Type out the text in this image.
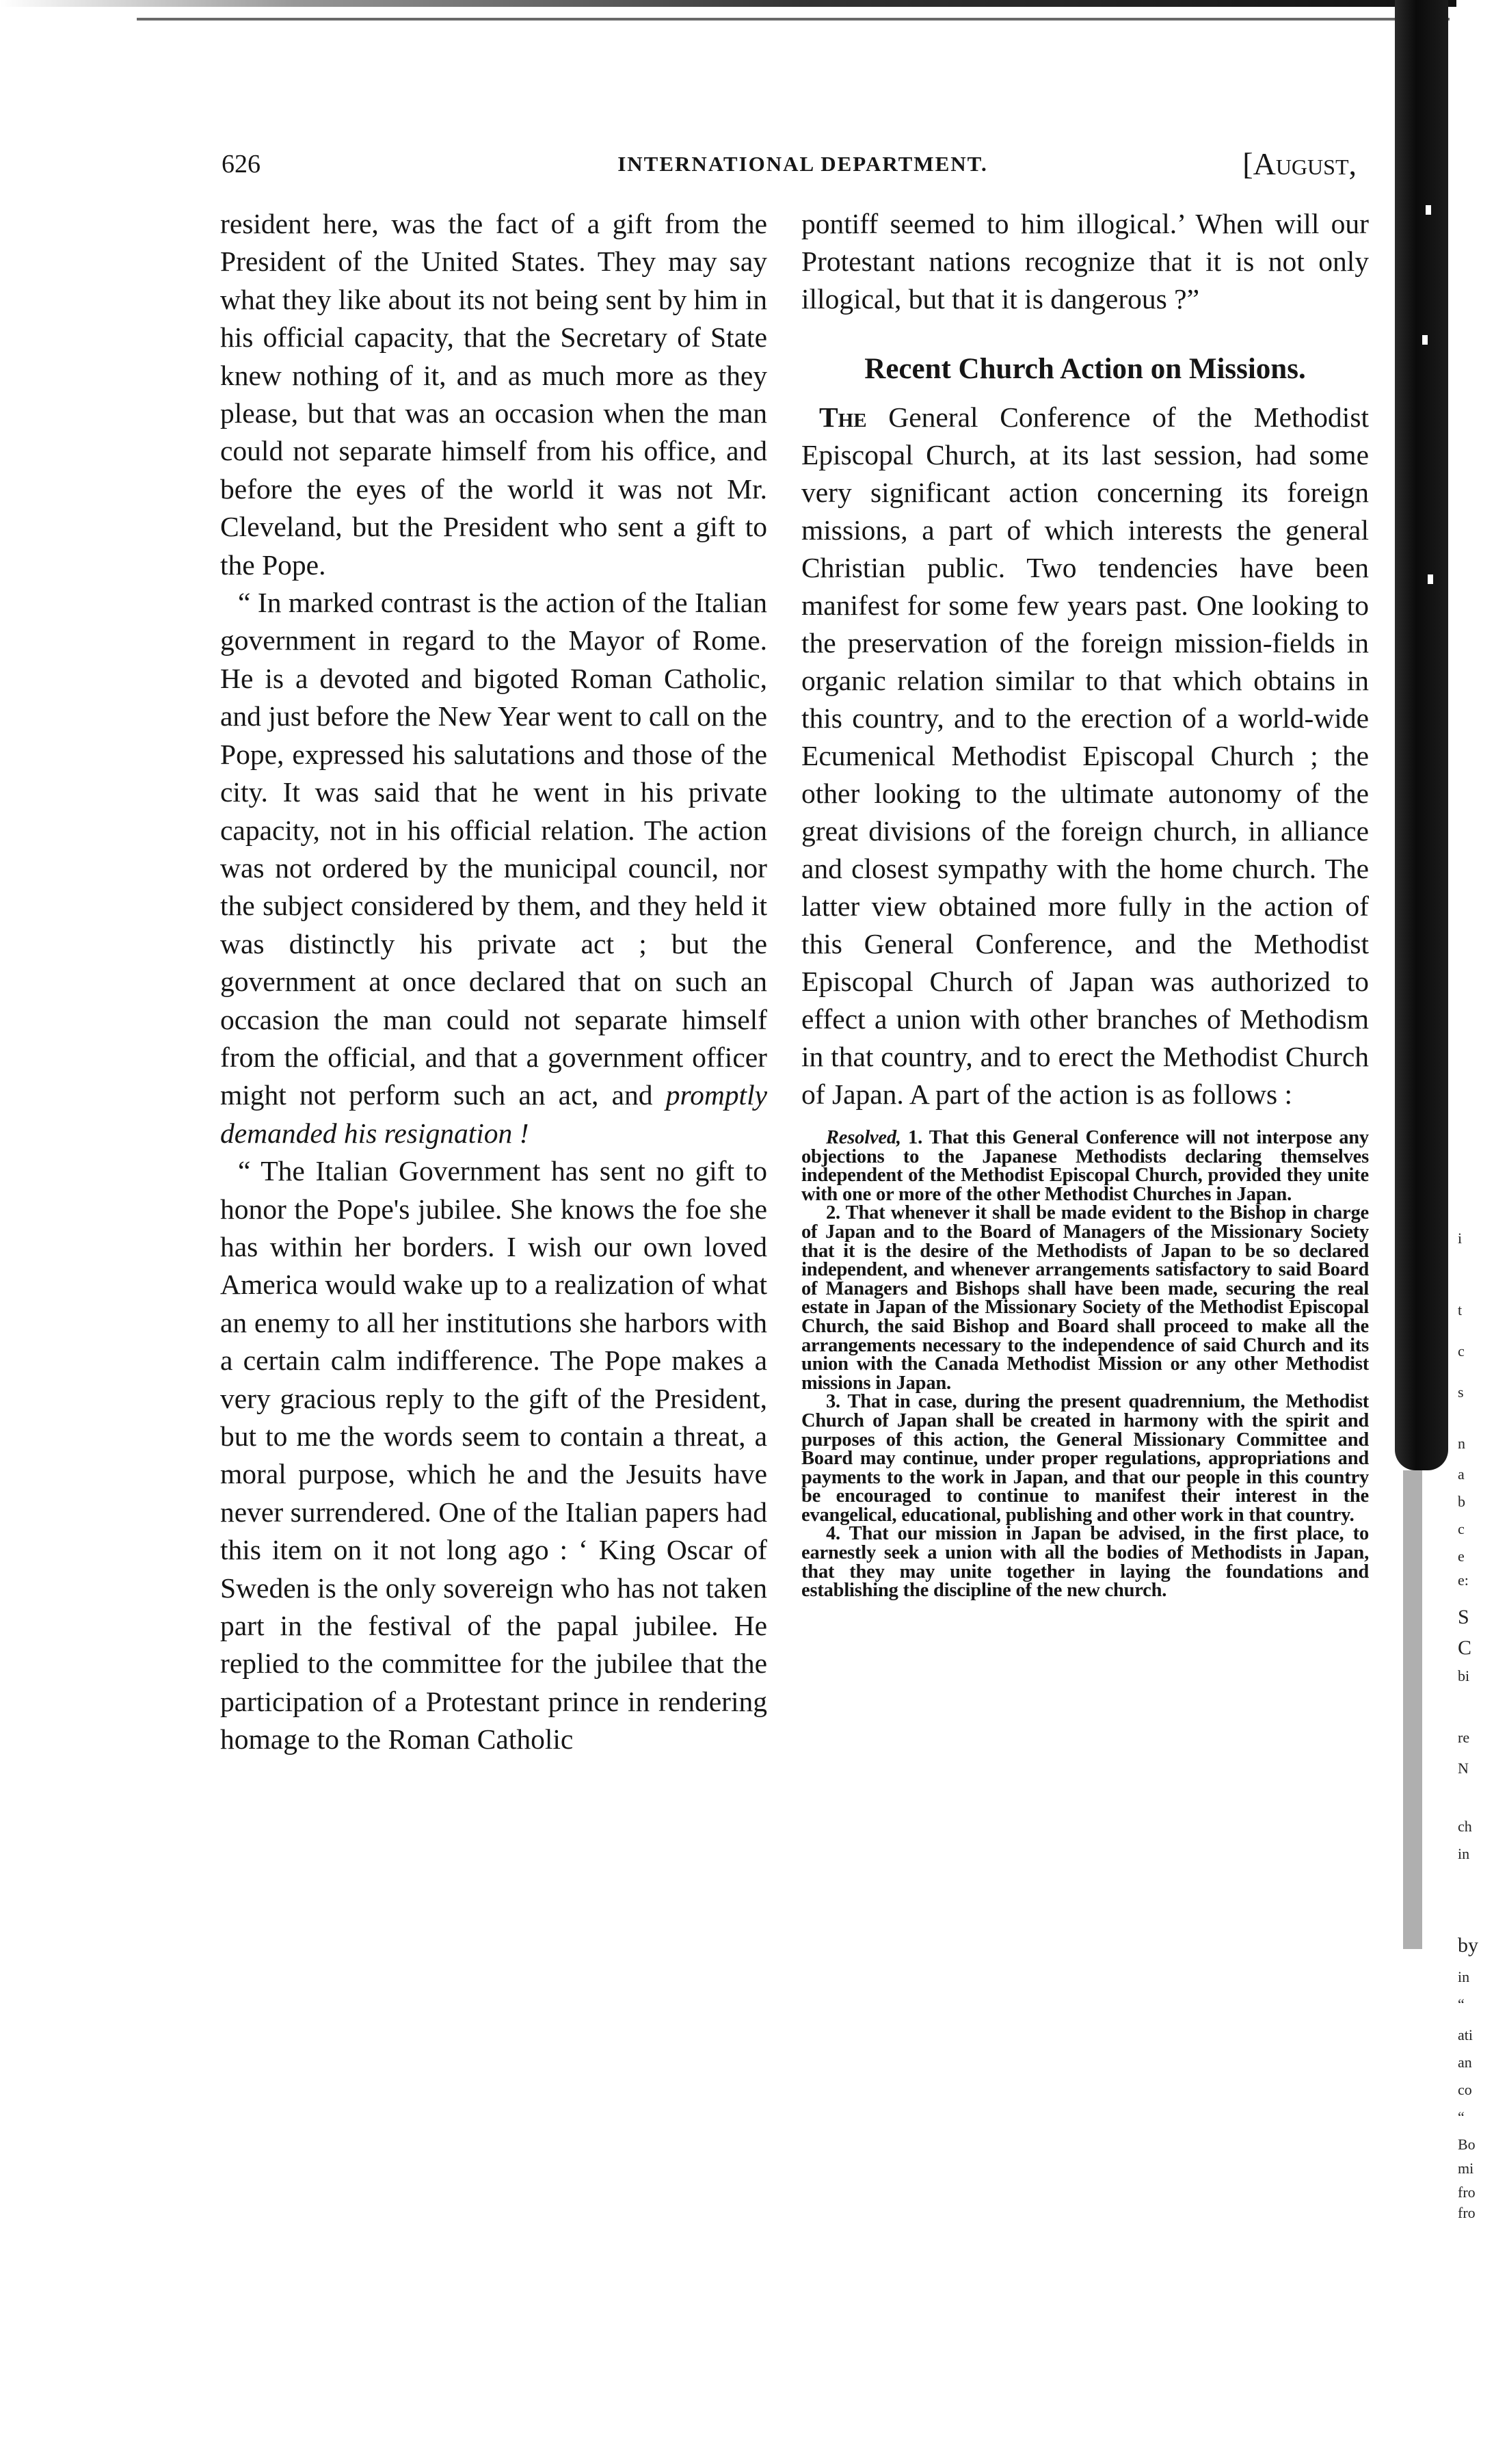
i
t
c
s
n
a
b
c
e
e:
S
C
bi
re
N
ch
in
by
in
“
ati
an
co
“
Bo
mi
fro
fro
626	INTERNATIONAL DEPARTMENT.	[August,

resident here, was the fact of a gift from the President of the United States. They may say what they like about its not being sent by him in his official capacity, that the Secretary of State knew nothing of it, and as much more as they please, but that was an occasion when the man could not separate himself from his office, and before the eyes of the world it was not Mr. Cleveland, but the President who sent a gift to the Pope.

“ In marked contrast is the action of the Italian government in regard to the Mayor of Rome. He is a devoted and bigoted Roman Catholic, and just before the New Year went to call on the Pope, expressed his salutations and those of the city. It was said that he went in his private capacity, not in his official relation. The action was not ordered by the municipal council, nor the subject considered by them, and they held it was distinctly his private act ; but the government at once declared that on such an occasion the man could not separate himself from the official, and that a government officer might not perform such an act, and promptly demanded his resignation !

“ The Italian Government has sent no gift to honor the Pope's jubilee. She knows the foe she has within her borders. I wish our own loved America would wake up to a realization of what an enemy to all her institutions she harbors with a certain calm indifference. The Pope makes a very gracious reply to the gift of the President, but to me the words seem to contain a threat, a moral purpose, which he and the Jesuits have never surrendered. One of the Italian papers had this item on it not long ago : ‘ King Oscar of Sweden is the only sovereign who has not taken part in the festival of the papal jubilee. He replied to the committee for the jubilee that the participation of a Protestant prince in rendering homage to the Roman Catholic

pontiff seemed to him illogical.’ When will our Protestant nations recognize that it is not only illogical, but that it is dangerous ?”

Recent Church Action on Missions.

The General Conference of the Methodist Episcopal Church, at its last session, had some very significant action concerning its foreign missions, a part of which interests the general Christian public. Two tendencies have been manifest for some few years past. One looking to the preservation of the foreign mission-fields in organic relation similar to that which obtains in this country, and to the erection of a world-wide Ecumenical Methodist Episcopal Church ; the other looking to the ultimate autonomy of the great divisions of the foreign church, in alliance and closest sympathy with the home church. The latter view obtained more fully in the action of this General Conference, and the Methodist Episcopal Church of Japan was authorized to effect a union with other branches of Methodism in that country, and to erect the Methodist Church of Japan. A part of the action is as follows :

Resolved, 1. That this General Conference will not interpose any objections to the Japanese Methodists declaring themselves independent of the Methodist Episcopal Church, provided they unite with one or more of the other Methodist Churches in Japan.

2. That whenever it shall be made evident to the Bishop in charge of Japan and to the Board of Managers of the Missionary Society that it is the desire of the Methodists of Japan to be so declared independent, and whenever arrangements satisfactory to said Board of Managers and Bishops shall have been made, securing the real estate in Japan of the Missionary Society of the Methodist Episcopal Church, the said Bishop and Board shall proceed to make all the arrangements necessary to the independence of said Church and its union with the Canada Methodist Mission or any other Methodist missions in Japan.

3. That in case, during the present quadrennium, the Methodist Church of Japan shall be created in harmony with the spirit and purposes of this action, the General Missionary Committee and Board may continue, under proper regulations, appropriations and payments to the work in Japan, and that our people in this country be encouraged to continue to manifest their interest in the evangelical, educational, publishing and other work in that country.

4. That our mission in Japan be advised, in the first place, to earnestly seek a union with all the bodies of Methodists in Japan, that they may unite together in laying the foundations and establishing the discipline of the new church.
